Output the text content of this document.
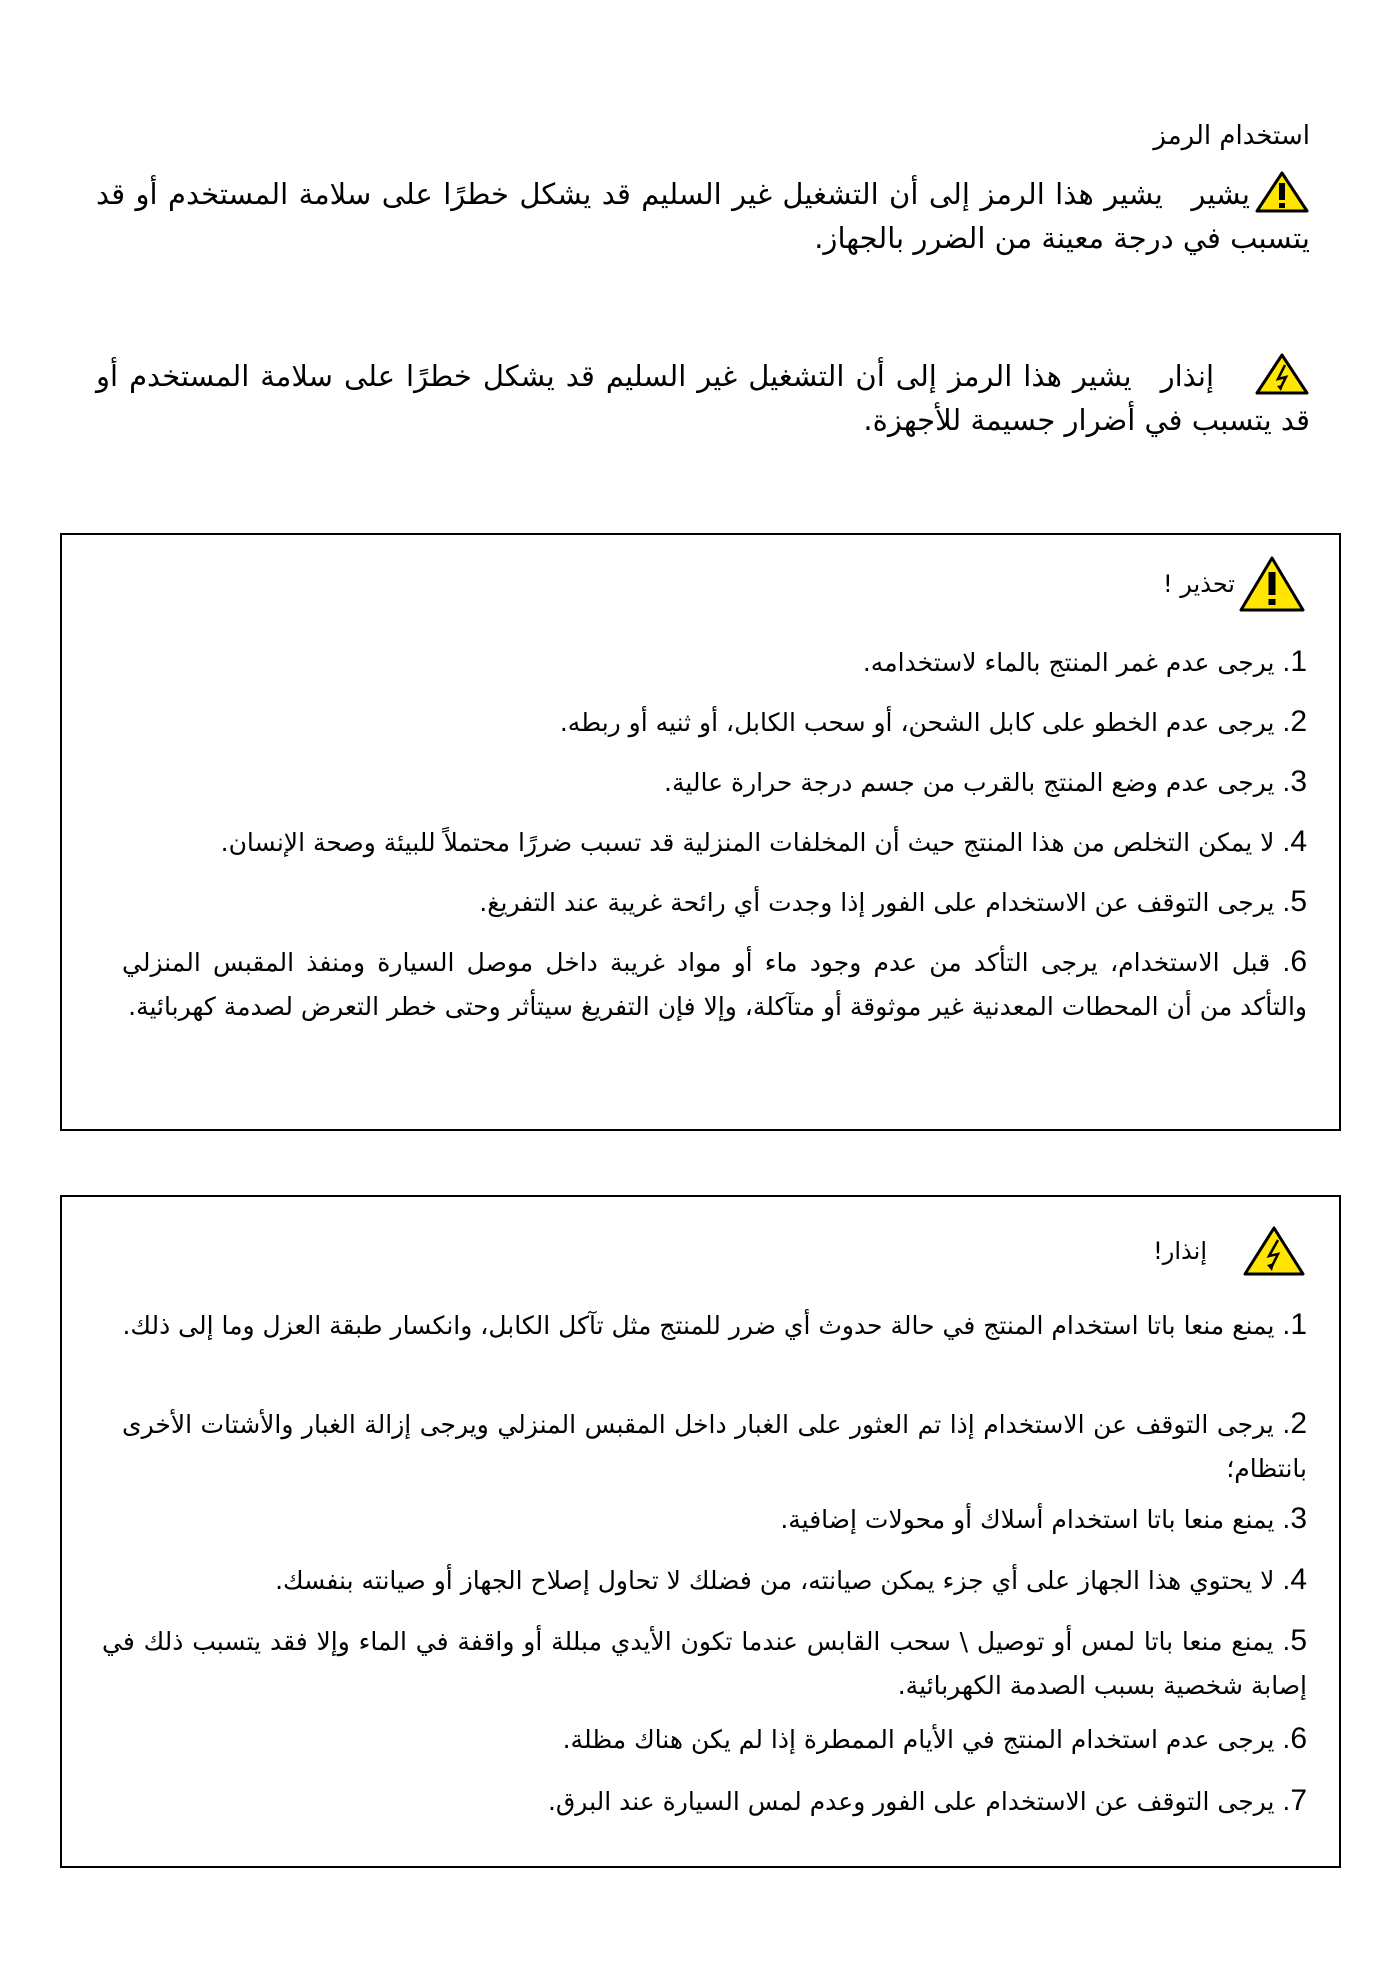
استخدام الرمز
يشير يشير هذا الرمز إلى أن التشغيل غير السليم قد يشكل خطرًا على سلامة المستخدم أو قد يتسبب في درجة معينة من الضرر بالجهاز.
إنذار يشير هذا الرمز إلى أن التشغيل غير السليم قد يشكل خطرًا على سلامة المستخدم أو قد يتسبب في أضرار جسيمة للأجهزة.
تحذير !
1. يرجى عدم غمر المنتج بالماء لاستخدامه.
2. يرجى عدم الخطو على كابل الشحن، أو سحب الكابل، أو ثنيه أو ربطه.
3. يرجى عدم وضع المنتج بالقرب من جسم درجة حرارة عالية.
4. لا يمكن التخلص من هذا المنتج حيث أن المخلفات المنزلية قد تسبب ضررًا محتملاً للبيئة وصحة الإنسان.
5. يرجى التوقف عن الاستخدام على الفور إذا وجدت أي رائحة غريبة عند التفريغ.
6. قبل الاستخدام، يرجى التأكد من عدم وجود ماء أو مواد غريبة داخل موصل السيارة ومنفذ المقبس المنزلي والتأكد من أن المحطات المعدنية غير موثوقة أو متآكلة، وإلا فإن التفريغ سيتأثر وحتى خطر التعرض لصدمة كهربائية.
إنذار!
1. يمنع منعا باتا استخدام المنتج في حالة حدوث أي ضرر للمنتج مثل تآكل الكابل، وانكسار طبقة العزل وما إلى ذلك.
2. يرجى التوقف عن الاستخدام إذا تم العثور على الغبار داخل المقبس المنزلي ويرجى إزالة الغبار والأشتات الأخرى بانتظام؛
3. يمنع منعا باتا استخدام أسلاك أو محولات إضافية.
4. لا يحتوي هذا الجهاز على أي جزء يمكن صيانته، من فضلك لا تحاول إصلاح الجهاز أو صيانته بنفسك.
5. يمنع منعا باتا لمس أو توصيل \ سحب القابس عندما تكون الأيدي مبللة أو واقفة في الماء وإلا فقد يتسبب ذلك في إصابة شخصية بسبب الصدمة الكهربائية.
6. يرجى عدم استخدام المنتج في الأيام الممطرة إذا لم يكن هناك مظلة.
7. يرجى التوقف عن الاستخدام على الفور وعدم لمس السيارة عند البرق.
